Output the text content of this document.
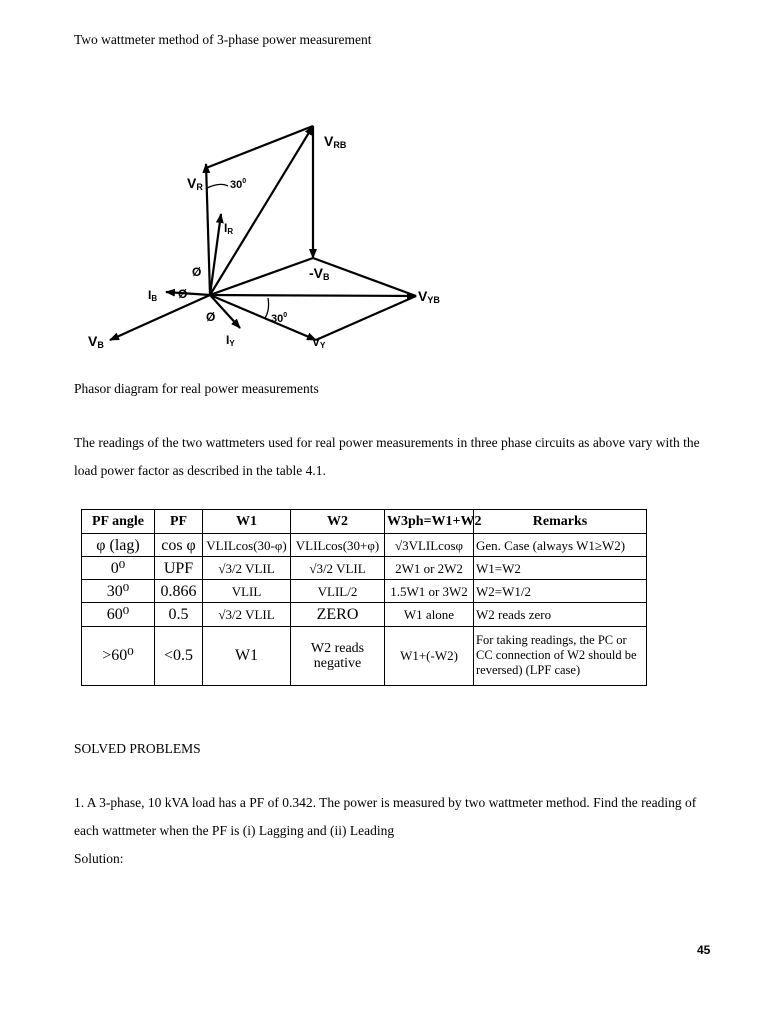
Two wattmeter method of 3-phase power measurement

VRB
VR $30^0$
IR
Ø	-VB
IB Ø	VYB
Ø	$30^0$
VB	IY	VY

Phasor diagram for real power measurements

The readings of the two wattmeters used for real power measurements in three phase circuits as above vary with the load power factor as described in the table 4.1.

PF angle	PF	W1	W2	W3ph=W1+W2	Remarks
φ (lag)	cos φ	VLILcos(30-φ)	VLILcos(30+φ)	√3VLILcosφ	Gen. Case (always W1≥W2)
0⁰	UPF	√3/2 VLIL	√3/2 VLIL	2W1 or 2W2	W1=W2
30⁰	0.866	VLIL	VLIL/2	1.5W1 or 3W2	W2=W1/2
60⁰	0.5	√3/2 VLIL	ZERO	W1 alone	W2 reads zero
>60⁰	<0.5	W1	W2 reads negative	W1+(-W2)	For taking readings, the PC or CC connection of W2 should be reversed) (LPF case)

SOLVED PROBLEMS

1. A 3-phase, 10 kVA load has a PF of 0.342. The power is measured by two wattmeter method. Find the reading of each wattmeter when the PF is (i) Lagging and (ii) Leading

Solution:

45
